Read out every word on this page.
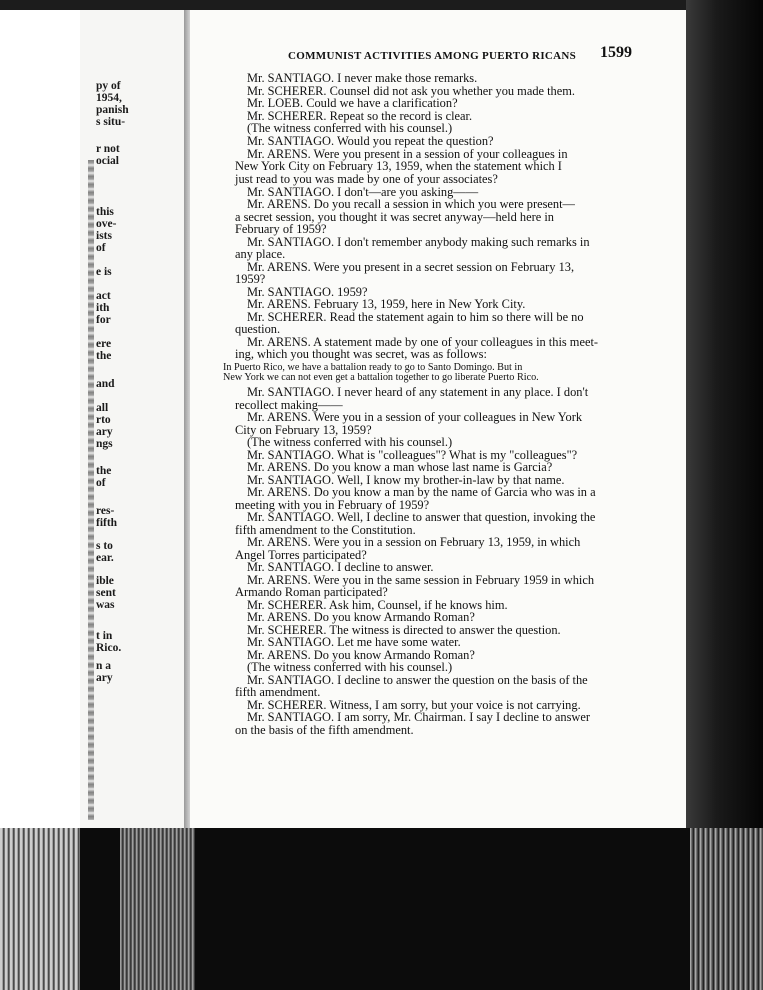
py of
1954,
panish
s situ-
r not
ocial
this
ove-
ists
of
e is
act
ith
for
ere
the
and
all
rto
ary
ngs
the
of
res-
fifth
s to
ear.
ible
sent
was
t in
Rico.
n a
ary
COMMUNIST ACTIVITIES AMONG PUERTO RICANS 1599
Mr. SANTIAGO. I never make those remarks.
Mr. SCHERER. Counsel did not ask you whether you made them.
Mr. LOEB. Could we have a clarification?
Mr. SCHERER. Repeat so the record is clear.
(The witness conferred with his counsel.)
Mr. SANTIAGO. Would you repeat the question?
Mr. ARENS. Were you present in a session of your colleagues in
New York City on February 13, 1959, when the statement which I
just read to you was made by one of your associates?
Mr. SANTIAGO. I don't—are you asking——
Mr. ARENS. Do you recall a session in which you were present—
a secret session, you thought it was secret anyway—held here in
February of 1959?
Mr. SANTIAGO. I don't remember anybody making such remarks in
any place.
Mr. ARENS. Were you present in a secret session on February 13,
1959?
Mr. SANTIAGO. 1959?
Mr. ARENS. February 13, 1959, here in New York City.
Mr. SCHERER. Read the statement again to him so there will be no
question.
Mr. ARENS. A statement made by one of your colleagues in this meet-
ing, which you thought was secret, was as follows:
In Puerto Rico, we have a battalion ready to go to Santo Domingo. But in
New York we can not even get a battalion together to go liberate Puerto Rico.
Mr. SANTIAGO. I never heard of any statement in any place. I don't
recollect making——
Mr. ARENS. Were you in a session of your colleagues in New York
City on February 13, 1959?
(The witness conferred with his counsel.)
Mr. SANTIAGO. What is "colleagues"? What is my "colleagues"?
Mr. ARENS. Do you know a man whose last name is Garcia?
Mr. SANTIAGO. Well, I know my brother-in-law by that name.
Mr. ARENS. Do you know a man by the name of Garcia who was in a
meeting with you in February of 1959?
Mr. SANTIAGO. Well, I decline to answer that question, invoking the
fifth amendment to the Constitution.
Mr. ARENS. Were you in a session on February 13, 1959, in which
Angel Torres participated?
Mr. SANTIAGO. I decline to answer.
Mr. ARENS. Were you in the same session in February 1959 in which
Armando Roman participated?
Mr. SCHERER. Ask him, Counsel, if he knows him.
Mr. ARENS. Do you know Armando Roman?
Mr. SCHERER. The witness is directed to answer the question.
Mr. SANTIAGO. Let me have some water.
Mr. ARENS. Do you know Armando Roman?
(The witness conferred with his counsel.)
Mr. SANTIAGO. I decline to answer the question on the basis of the
fifth amendment.
Mr. SCHERER. Witness, I am sorry, but your voice is not carrying.
Mr. SANTIAGO. I am sorry, Mr. Chairman. I say I decline to answer
on the basis of the fifth amendment.
